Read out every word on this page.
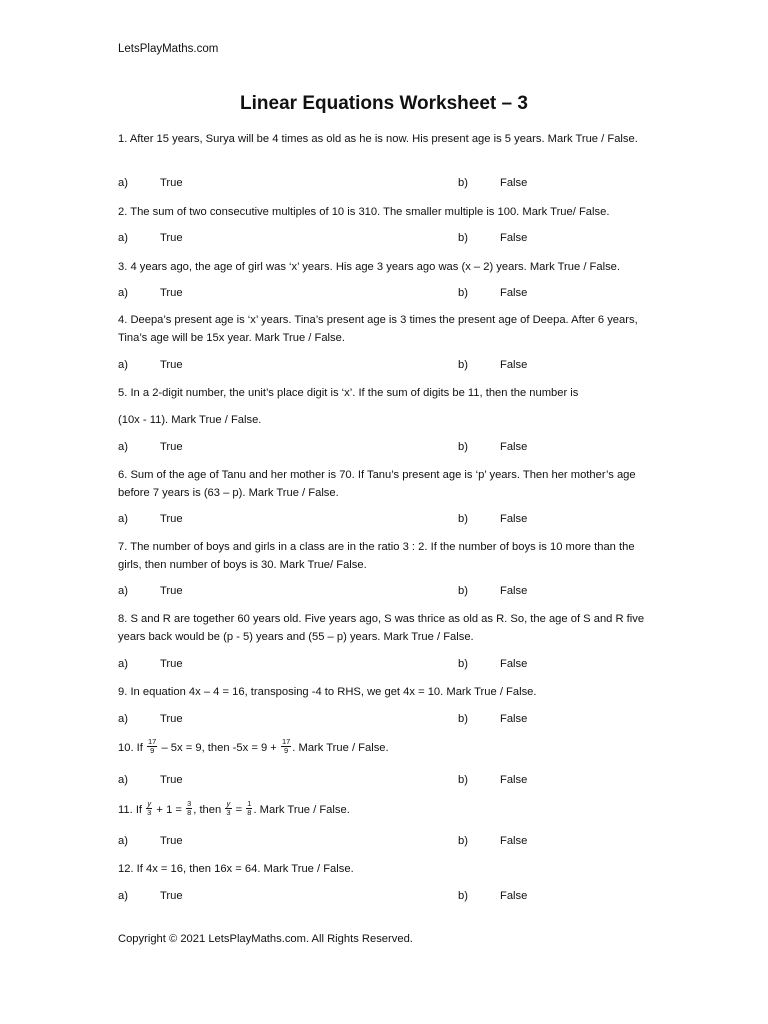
LetsPlayMaths.com
Linear Equations Worksheet – 3
1. After 15 years, Surya will be 4 times as old as he is now. His present age is 5 years. Mark True / False.
2. The sum of two consecutive multiples of 10 is 310. The smaller multiple is 100. Mark True/ False.
3. 4 years ago, the age of girl was ‘x’ years. His age 3 years ago was (x – 2) years. Mark True / False.
4. Deepa’s present age is ‘x’ years. Tina’s present age is 3 times the present age of Deepa. After 6 years, Tina’s age will be 15x year. Mark True / False.
5. In a 2-digit number, the unit’s place digit is ‘x’. If the sum of digits be 11, then the number is
(10x - 11). Mark True / False.
6. Sum of the age of Tanu and her mother is 70. If Tanu’s present age is ‘p’ years. Then her mother’s age before 7 years is (63 – p). Mark True / False.
7. The number of boys and girls in a class are in the ratio 3 : 2. If the number of boys is 10 more than the girls, then number of boys is 30. Mark True/ False.
8. S and R are together 60 years old. Five years ago, S was thrice as old as R. So, the age of S and R five years back would be (p - 5) years and (55 – p) years. Mark True / False.
9. In equation 4x – 4 = 16, transposing -4 to RHS, we get 4x = 10. Mark True / False.
10. If $\frac{17}{9} - 5x = 9$, then $-5x = 9 + \frac{17}{9}$ . Mark True / False.
11. If $\frac{y}{3} + 1 = \frac{3}{8}$ , then $\frac{y}{3} = \frac{1}{8}$ . Mark True / False.
12. If 4x = 16, then 16x = 64. Mark True / False.
a)	True	b)	False
a)	True	b)	False
a)	True	b)	False
a)	True	b)	False
a)	True	b)	False
a)	True	b)	False
a)	True	b)	False
a)	True	b)	False
a)	True	b)	False
a)	True	b)	False
a)	True	b)	False
a)	True	b)	False
Copyright © 2021 LetsPlayMaths.com. All Rights Reserved.
